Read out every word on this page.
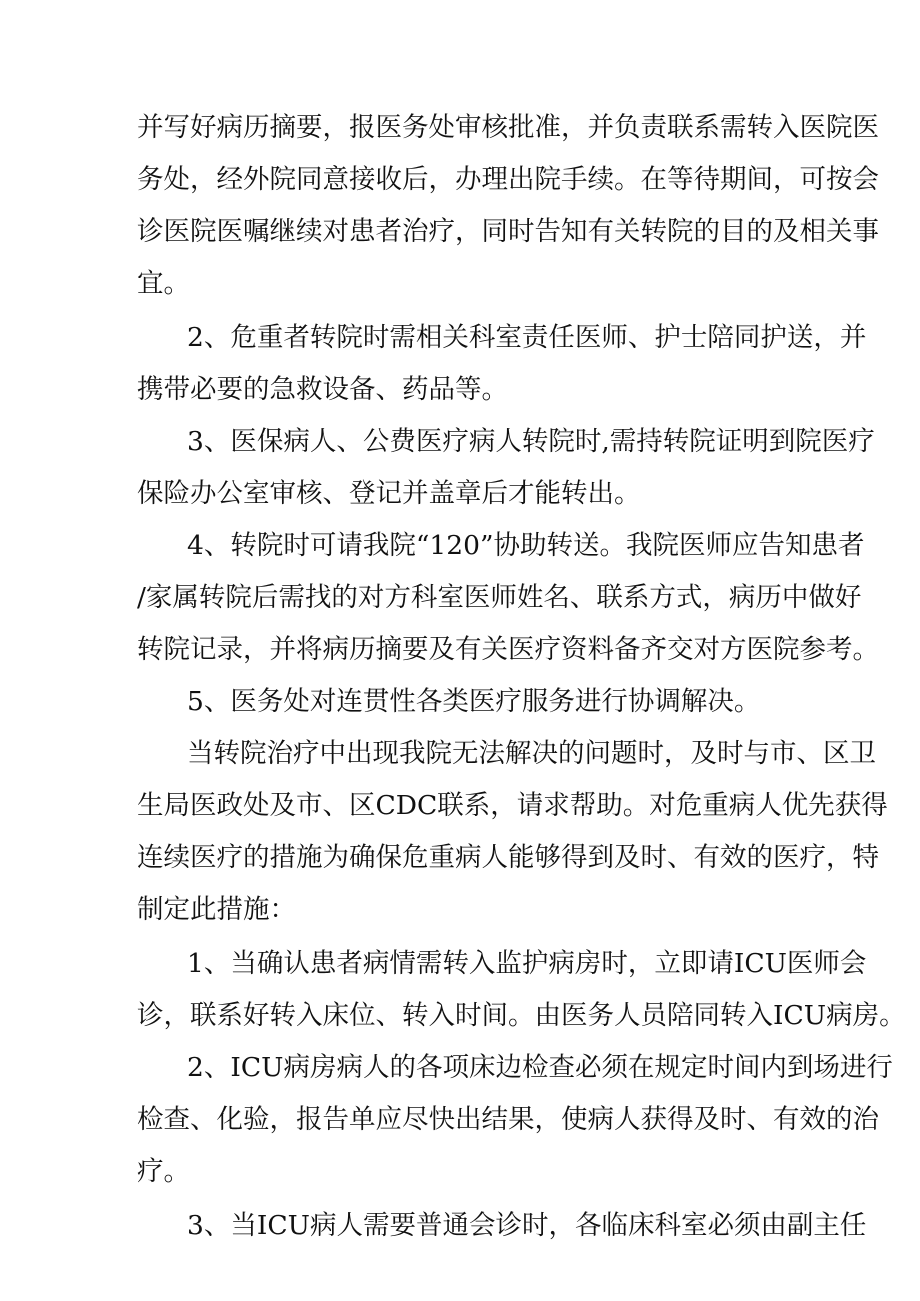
并写好病历摘要，报医务处审核批准，并负责联系需转入医院医
务处，经外院同意接收后，办理出院手续。在等待期间，可按会
诊医院医嘱继续对患者治疗，同时告知有关转院的目的及相关事
宜。
2、危重者转院时需相关科室责任医师、护士陪同护送，并
携带必要的急救设备、药品等。
3、医保病人、公费医疗病人转院时,需持转院证明到院医疗
保险办公室审核、登记并盖章后才能转出。
4、转院时可请我院“120”协助转送。我院医师应告知患者
/家属转院后需找的对方科室医师姓名、联系方式，病历中做好
转院记录，并将病历摘要及有关医疗资料备齐交对方医院参考。
5、医务处对连贯性各类医疗服务进行协调解决。
当转院治疗中出现我院无法解决的问题时，及时与市、区卫
生局医政处及市、区CDC联系，请求帮助。对危重病人优先获得
连续医疗的措施为确保危重病人能够得到及时、有效的医疗，特
制定此措施：
1、当确认患者病情需转入监护病房时，立即请ICU医师会
诊，联系好转入床位、转入时间。由医务人员陪同转入ICU病房。
2、ICU病房病人的各项床边检查必须在规定时间内到场进行
检查、化验，报告单应尽快出结果，使病人获得及时、有效的治
疗。
3、当ICU病人需要普通会诊时，各临床科室必须由副主任
